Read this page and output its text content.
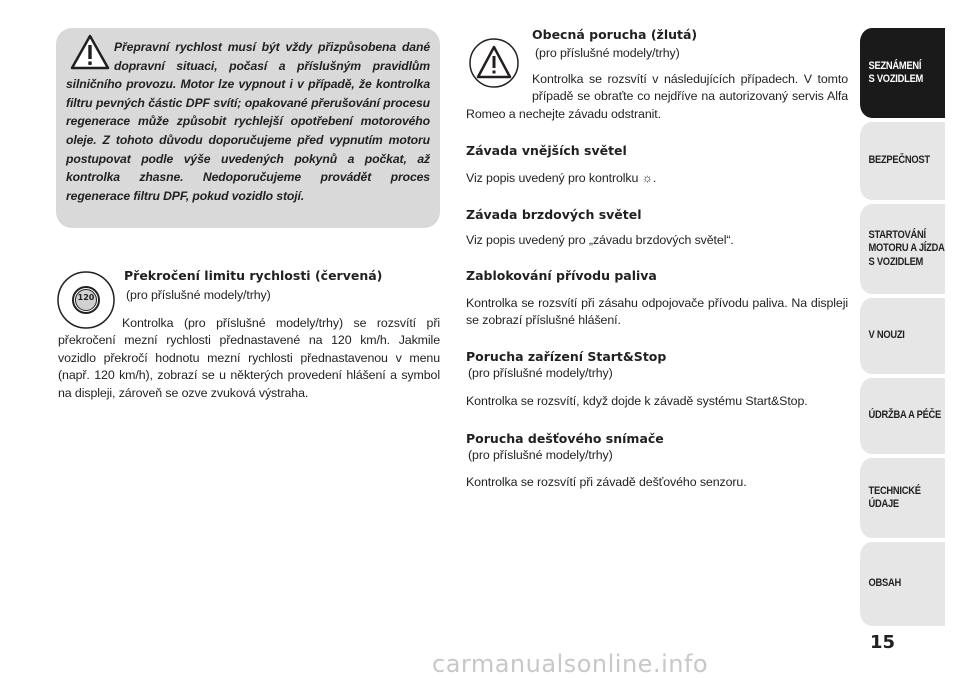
Přepravní rychlost musí být vždy přizpůsobena dané dopravní situaci, počasí a příslušným pravidlům silničního provozu. Motor lze vypnout i v případě, že kontrolka filtru pevných částic DPF svítí; opakované přerušování procesu regenerace může způsobit rychlejší opotřebení motorového oleje. Z tohoto důvodu doporučujeme před vypnutím motoru postupovat podle výše uvedených pokynů a počkat, až kontrolka zhasne. Nedoporučujeme provádět proces regenerace filtru DPF, pokud vozidlo stojí.
120
Překročení limitu rychlosti (červená)
(pro příslušné modely/trhy)
Kontrolka (pro příslušné modely/trhy) se rozsvítí při překročení mezní rychlosti přednastavené na 120 km/h. Jakmile vozidlo překročí hodnotu mezní rychlosti přednastavenou v menu (např. 120 km/h), zobrazí se u některých provedení hlášení a symbol na displeji, zároveň se ozve zvuková výstraha.
Obecná porucha (žlutá)
(pro příslušné modely/trhy)
Kontrolka se rozsvítí v následujících případech. V tomto případě se obraťte co nejdříve na autorizovaný servis Alfa Romeo a nechejte závadu odstranit.
Závada vnějších světel
Viz popis uvedený pro kontrolku ☼.
Závada brzdových světel
Viz popis uvedený pro „závadu brzdových světel“.
Zablokování přívodu paliva
Kontrolka se rozsvítí při zásahu odpojovače přívodu paliva. Na displeji se zobrazí příslušné hlášení.
Porucha zařízení Start&Stop
(pro příslušné modely/trhy)
Kontrolka se rozsvítí, když dojde k závadě systému Start&Stop.
Porucha dešťového snímače
(pro příslušné modely/trhy)
Kontrolka se rozsvítí při závadě dešťového senzoru.
SEZNÁMENÍ
S VOZIDLEM
BEZPEČNOST
STARTOVÁNÍ
MOTORU A JÍZDA
S VOZIDLEM
V NOUZI
ÚDRŽBA A PÉČE
TECHNICKÉ
ÚDAJE
OBSAH
15
carmanualsonline.info
